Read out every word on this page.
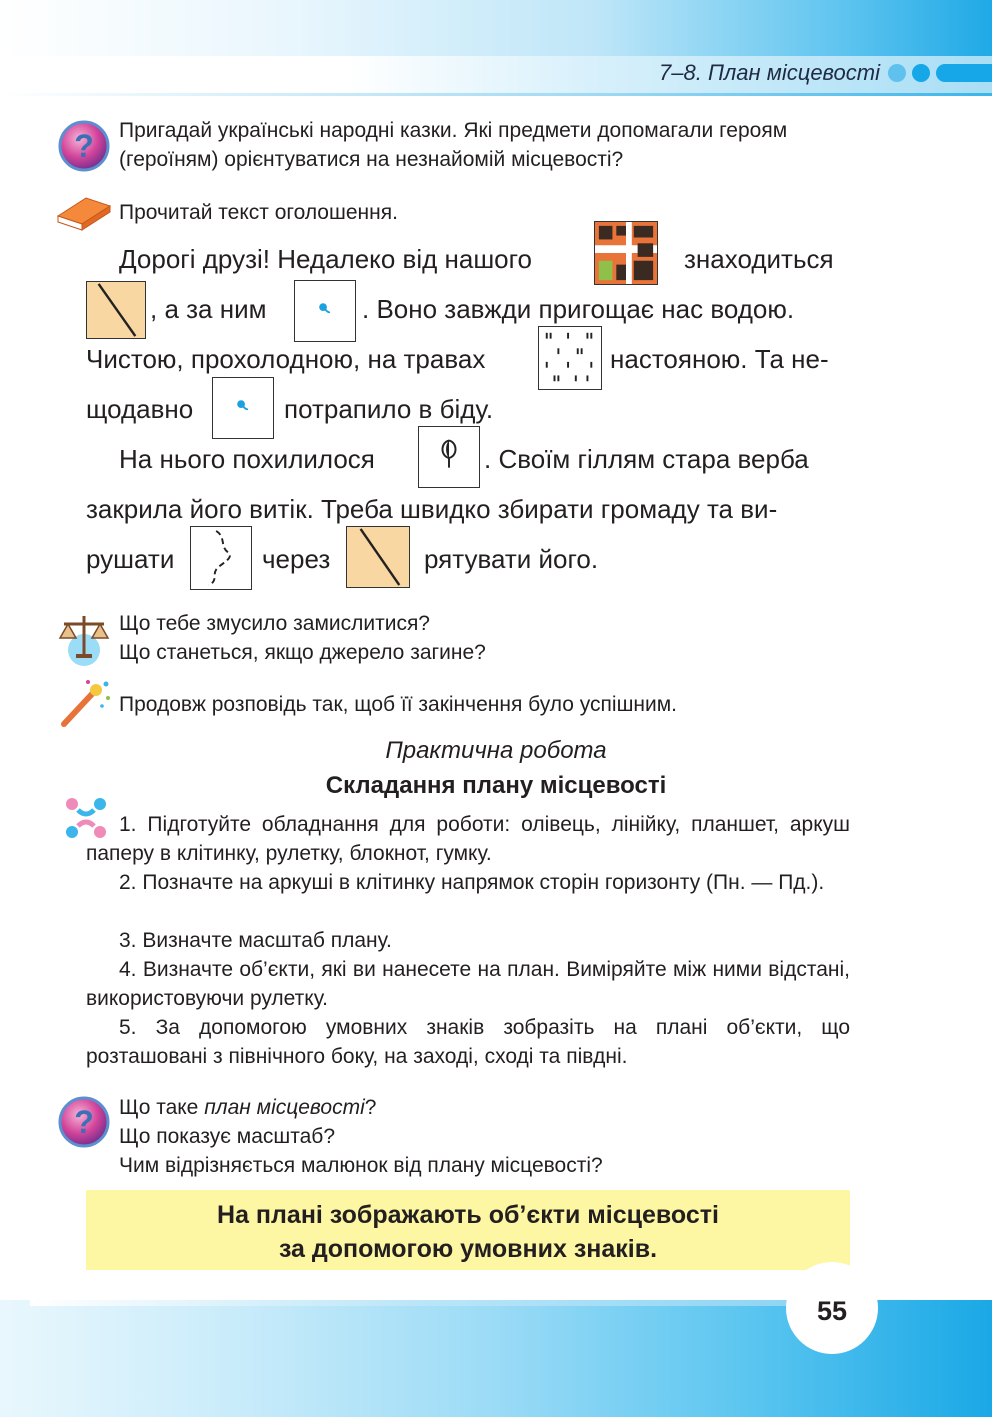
7–8. План місцевості
? Пригадай українські народні казки. Які предмети допомагали героям (героїням) орієнтуватися на незнайомій місцевості?
Прочитай текст оголошення.
Дорогі друзі! Недалеко від нашого	знаходиться
, а за ним	. Воно завжди пригощає нас водою.
Чистою, прохолодною, на травах	настояною. Та не-
щодавно	потрапило в біду.
На нього похилилося	. Своїм гіллям стара верба
закрила його витік. Треба швидко збирати громаду та ви-
рушати	через	рятувати його.
Що тебе змусило замислитися?
Що станеться, якщо джерело загине?
Продовж розповідь так, щоб її закінчення було успішним.
Практична робота
Складання плану місцевості
1. Підготуйте обладнання для роботи: олівець, лінійку, планшет, аркуш паперу в клітинку, рулетку, блокнот, гумку.
2. Позначте на аркуші в клітинку напрямок сторін горизонту (Пн. — Пд.).
3. Визначте масштаб плану.
4. Визначте об’єкти, які ви нанесете на план. Виміряйте між ними відстані, використовуючи рулетку.
5. За допомогою умовних знаків зобразіть на плані об’єкти, що розташовані з північного боку, на заході, сході та півдні.
? Що таке план місцевості?
Що показує масштаб?
Чим відрізняється малюнок від плану місцевості?
На плані зображають об’єкти місцевості
за допомогою умовних знаків.
55
